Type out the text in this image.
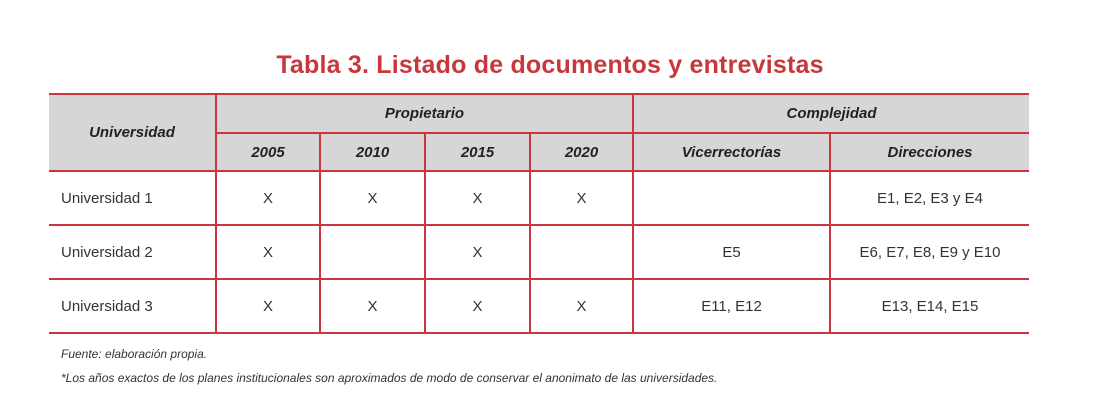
Tabla 3. Listado de documentos y entrevistas
Universidad	Propietario				Complejidad	
	2005	2010	2015	2020	Vicerrectorías	Direcciones
Universidad 1	X	X	X	X		E1, E2, E3 y E4
Universidad 2	X		X		E5	E6, E7, E8, E9 y E10
Universidad 3	X	X	X	X	E11, E12	E13, E14, E15
Fuente: elaboración propia.
*Los años exactos de los planes institucionales son aproximados de modo de conservar el anonimato de las universidades.
